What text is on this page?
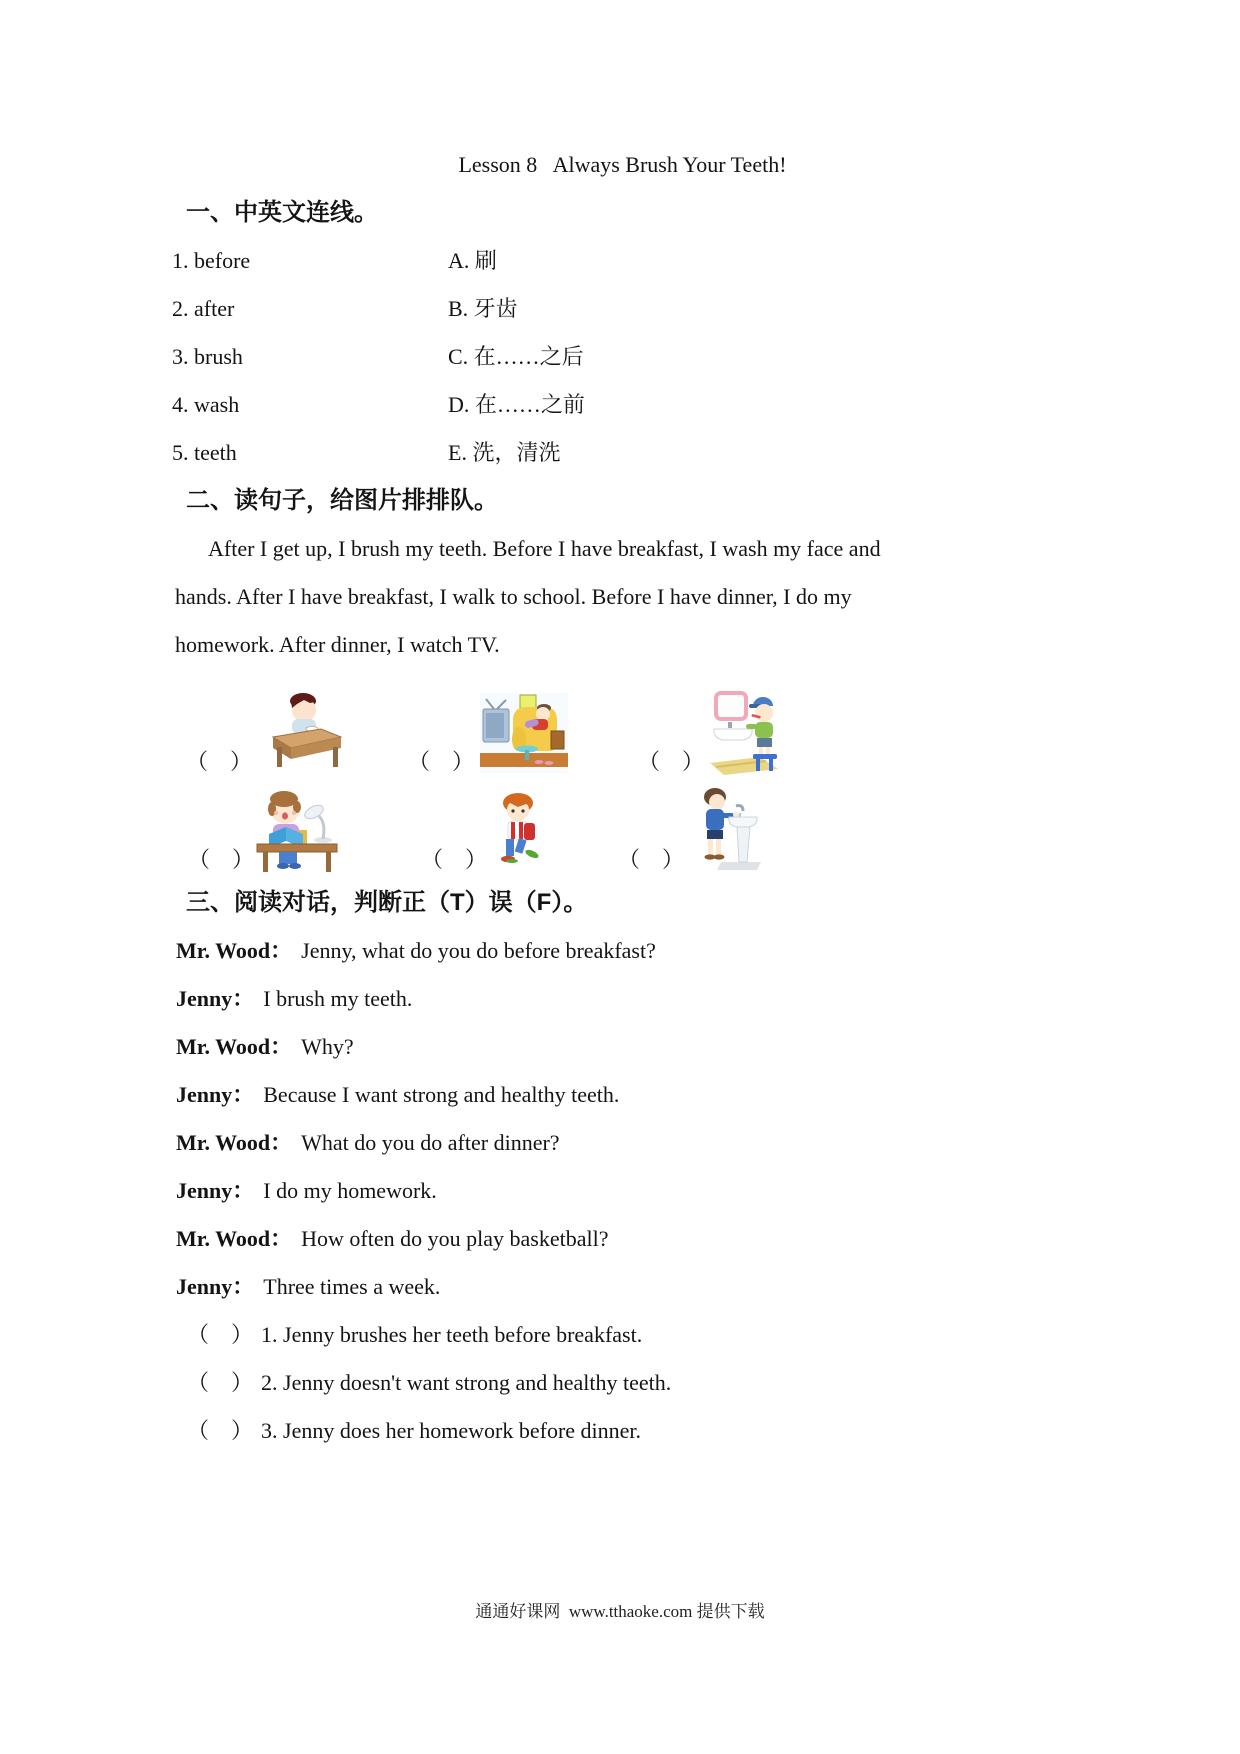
Lesson 8   Always Brush Your Teeth!
一、中英文连线。
1. before	A. 刷
2. after	B. 牙齿
3. brush	C. 在……之后
4. wash	D. 在……之前
5. teeth	E. 洗，清洗
二、读句子，给图片排排队。
After I get up, I brush my teeth. Before I have breakfast, I wash my face and
hands. After I have breakfast, I walk to school. Before I have dinner, I do my
homework. After dinner, I watch TV.
（　）	（　）	（　）
（　）	（　）	（　）
三、阅读对话，判断正（T）误（F）。
Mr. Wood： Jenny, what do you do before breakfast?
Jenny： I brush my teeth.
Mr. Wood： Why?
Jenny： Because I want strong and healthy teeth.
Mr. Wood： What do you do after dinner?
Jenny： I do my homework.
Mr. Wood： How often do you play basketball?
Jenny： Three times a week.
（　） 1. Jenny brushes her teeth before breakfast.
（　） 2. Jenny doesn't want strong and healthy teeth.
（　） 3. Jenny does her homework before dinner.
通通好课网  www.tthaoke.com 提供下载
